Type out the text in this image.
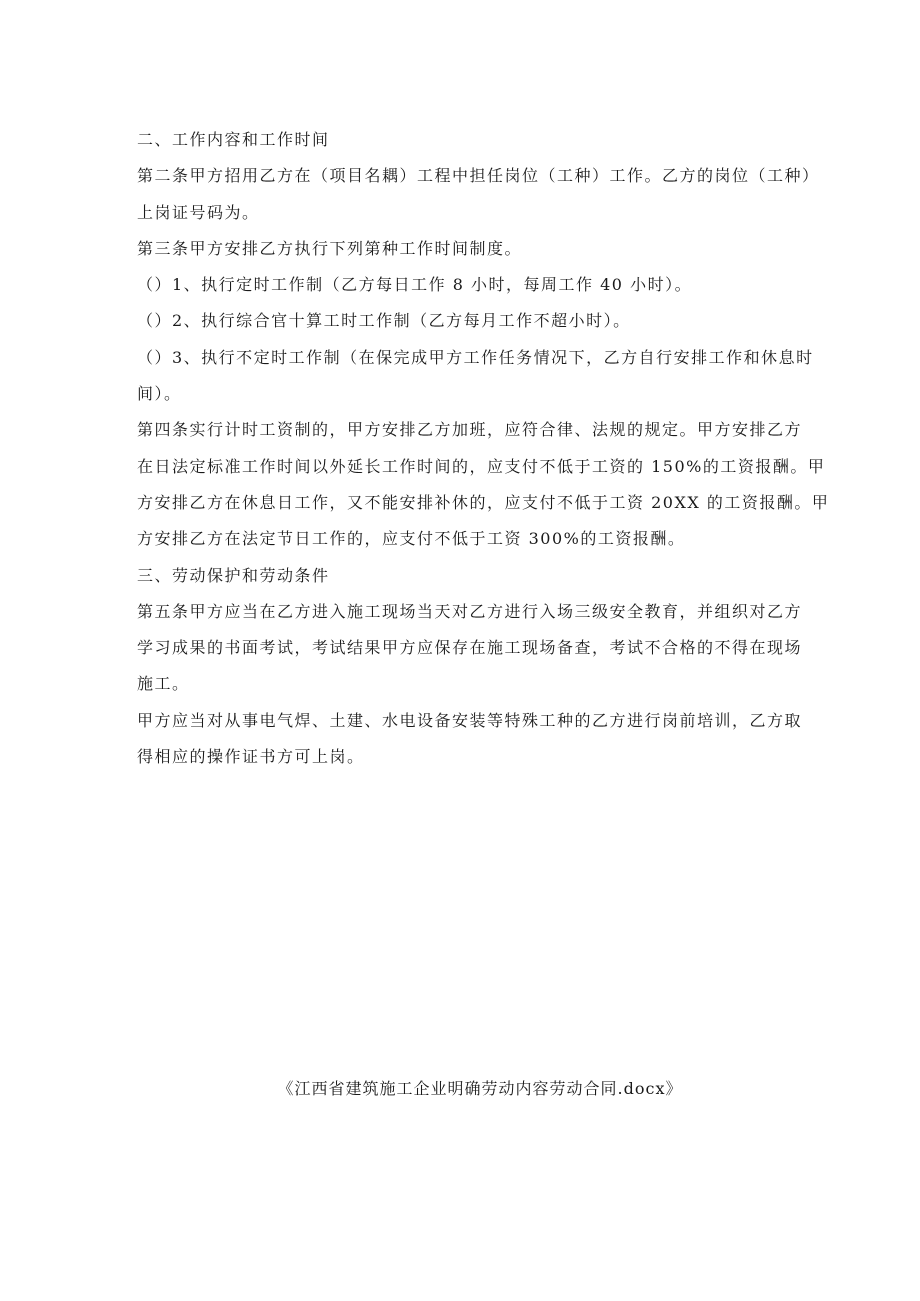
二、工作内容和工作时间
第二条甲方招用乙方在（项目名耦）工程中担任岗位（工种）工作。乙方的岗位（工种）
上岗证号码为。
第三条甲方安排乙方执行下列第种工作时间制度。
（）1、执行定时工作制（乙方每日工作 8 小时，每周工作 40 小时）。
（）2、执行综合官十算工时工作制（乙方每月工作不超小时）。
（）3、执行不定时工作制（在保完成甲方工作任务情况下，乙方自行安排工作和休息时
间）。
第四条实行计时工资制的，甲方安排乙方加班，应符合律、法规的规定。甲方安排乙方
在日法定标准工作时间以外延长工作时间的，应支付不低于工资的 150%的工资报酬。甲
方安排乙方在休息日工作，又不能安排补休的，应支付不低于工资 20XX 的工资报酬。甲
方安排乙方在法定节日工作的，应支付不低于工资 300%的工资报酬。
三、劳动保护和劳动条件
第五条甲方应当在乙方进入施工现场当天对乙方进行入场三级安全教育，并组织对乙方
学习成果的书面考试，考试结果甲方应保存在施工现场备查，考试不合格的不得在现场
施工。
甲方应当对从事电气焊、土建、水电设备安装等特殊工种的乙方进行岗前培训，乙方取
得相应的操作证书方可上岗。
《江西省建筑施工企业明确劳动内容劳动合同.docx》
